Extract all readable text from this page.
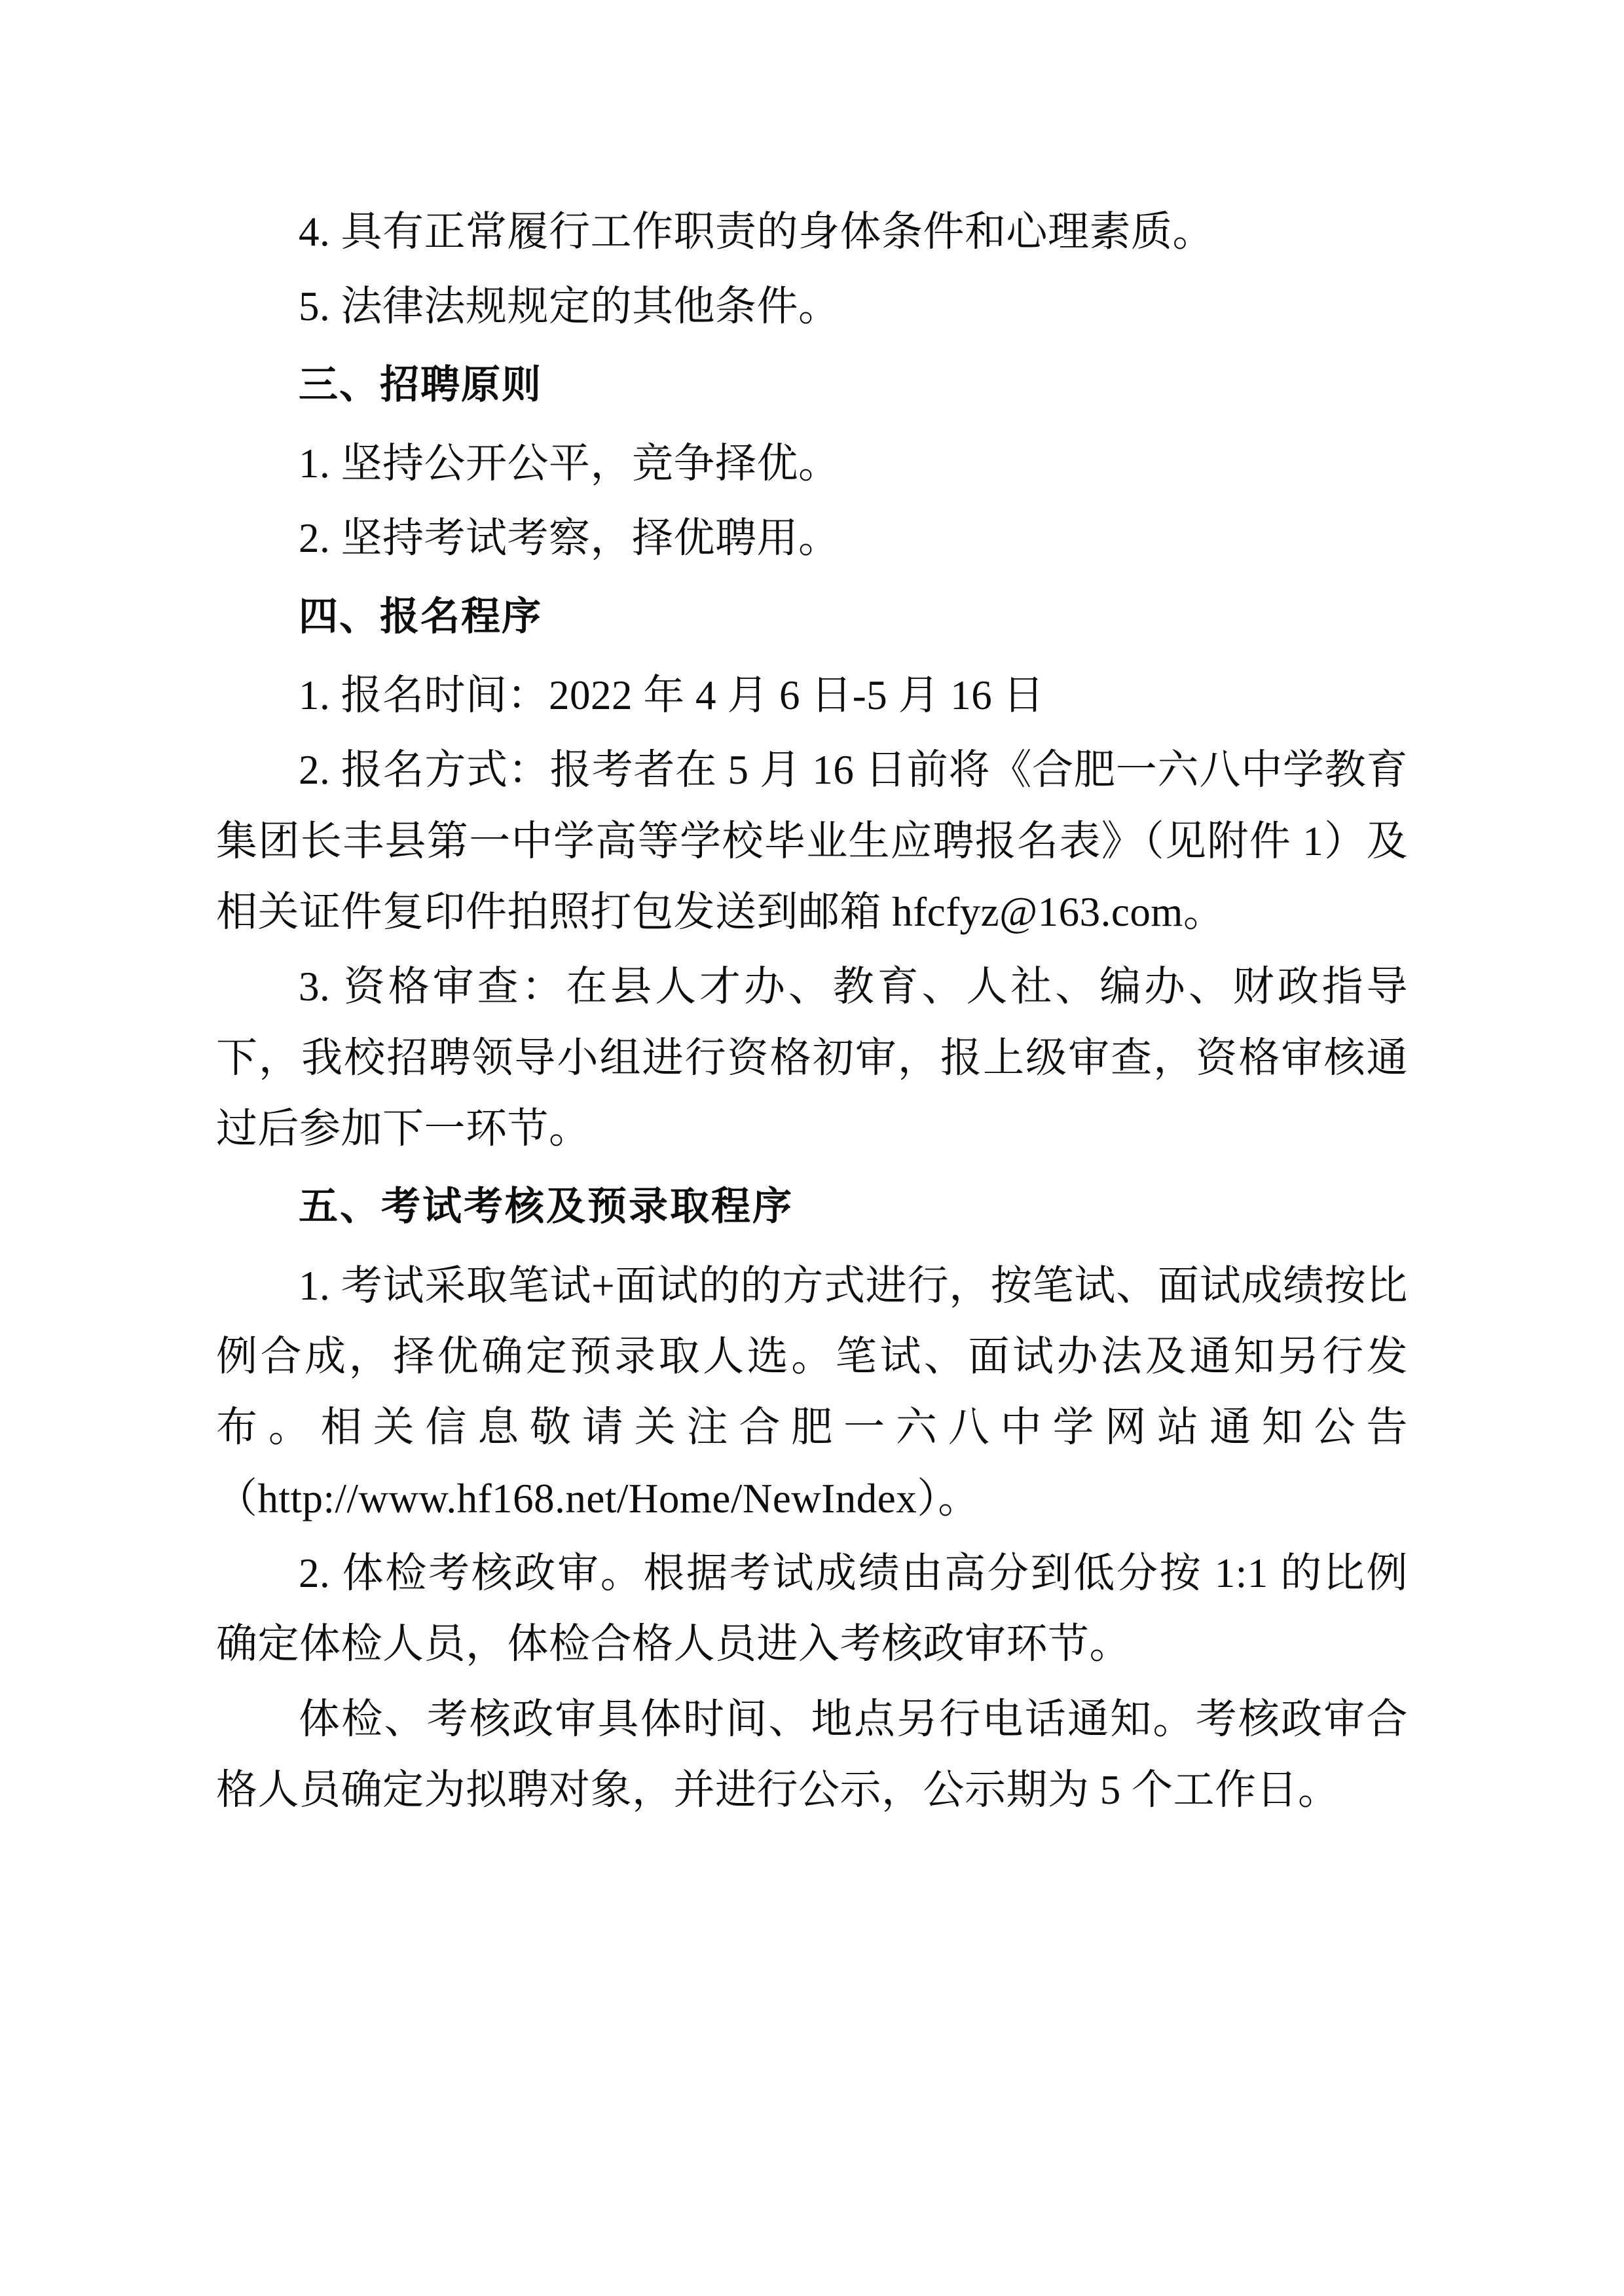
4. 具有正常履行工作职责的身体条件和心理素质。

5. 法律法规规定的其他条件。

三、招聘原则

1. 坚持公开公平，竞争择优。

2. 坚持考试考察，择优聘用。

四、报名程序

1. 报名时间：2022 年 4 月 6 日-5 月 16 日

2. 报名方式：报考者在 5 月 16 日前将《合肥一六八中学教育集团长丰县第一中学高等学校毕业生应聘报名表》（见附件 1）及相关证件复印件拍照打包发送到邮箱 hfcfyz@163.com。

3. 资格审查：在县人才办、教育、人社、编办、财政指导下，我校招聘领导小组进行资格初审，报上级审查，资格审核通过后参加下一环节。

五、考试考核及预录取程序

1. 考试采取笔试+面试的的方式进行，按笔试、面试成绩按比例合成，择优确定预录取人选。笔试、面试办法及通知另行发布。相关信息敬请关注合肥一六八中学网站通知公告（http://www.hf168.net/Home/NewIndex）。

2. 体检考核政审。根据考试成绩由高分到低分按 1:1 的比例确定体检人员，体检合格人员进入考核政审环节。

体检、考核政审具体时间、地点另行电话通知。考核政审合格人员确定为拟聘对象，并进行公示，公示期为 5 个工作日。
